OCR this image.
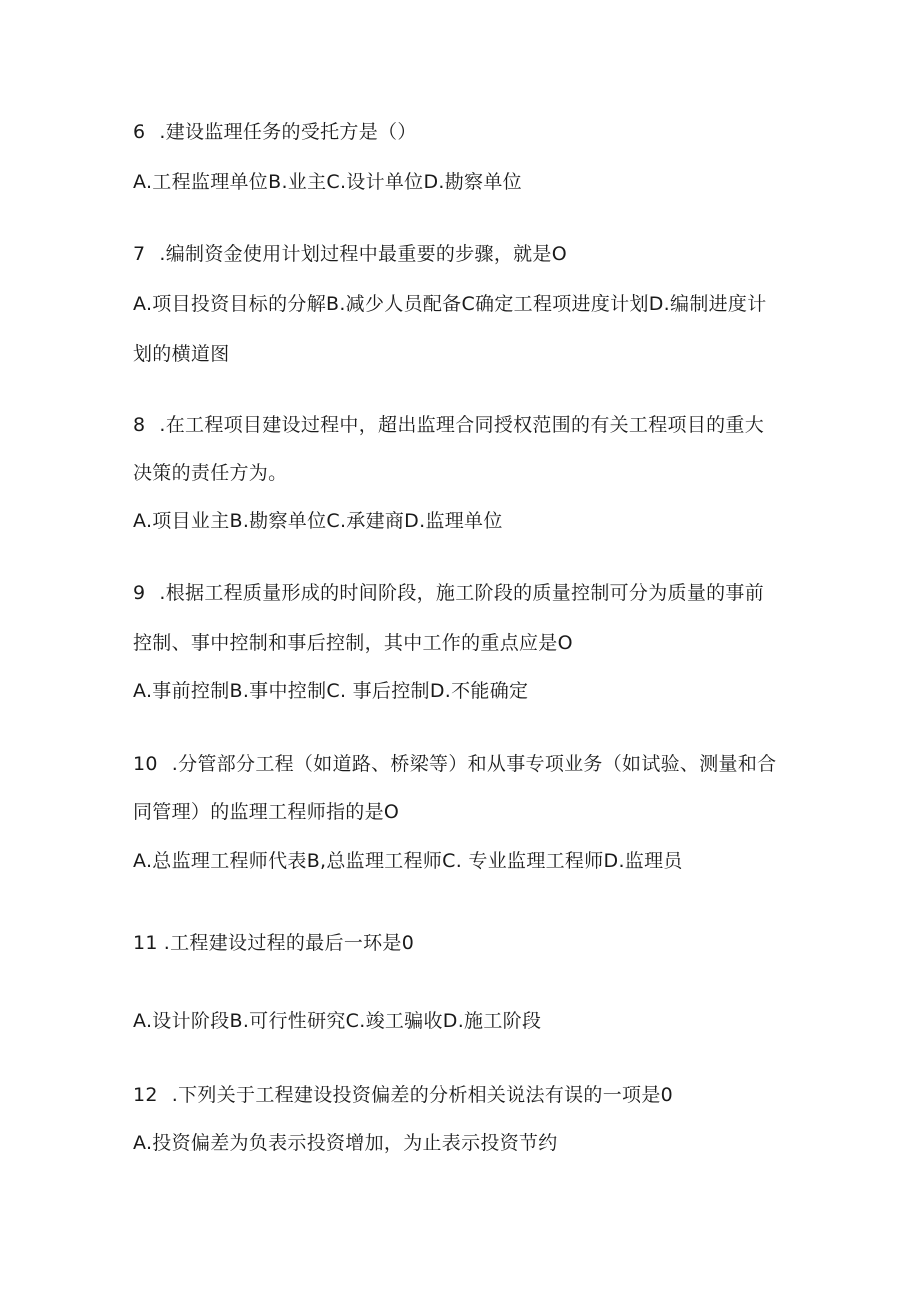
6 .建设监理任务的受托方是（）
A.工程监理单位B.业主C.设计单位D.勘察单位
7 .编制资金使用计划过程中最重要的步骤，就是O
A.项目投资目标的分解B.减少人员配备C确定工程项进度计划D.编制进度计
划的横道图
8 .在工程项目建设过程中，超出监理合同授权范围的有关工程项目的重大
决策的责任方为。
A.项目业主B.勘察单位C.承建商D.监理单位
9 .根据工程质量形成的时间阶段，施工阶段的质量控制可分为质量的事前
控制、事中控制和事后控制，其中工作的重点应是O
A.事前控制B.事中控制C. 事后控制D.不能确定
10 .分管部分工程（如道路、桥梁等）和从事专项业务（如试验、测量和合
同管理）的监理工程师指的是O
A.总监理工程师代表B,总监理工程师C. 专业监理工程师D.监理员
11 .工程建设过程的最后一环是0
A.设计阶段B.可行性研究C.竣工骗收D.施工阶段
12 .下列关于工程建设投资偏差的分析相关说法有误的一项是0
A.投资偏差为负表示投资增加，为止表示投资节约
